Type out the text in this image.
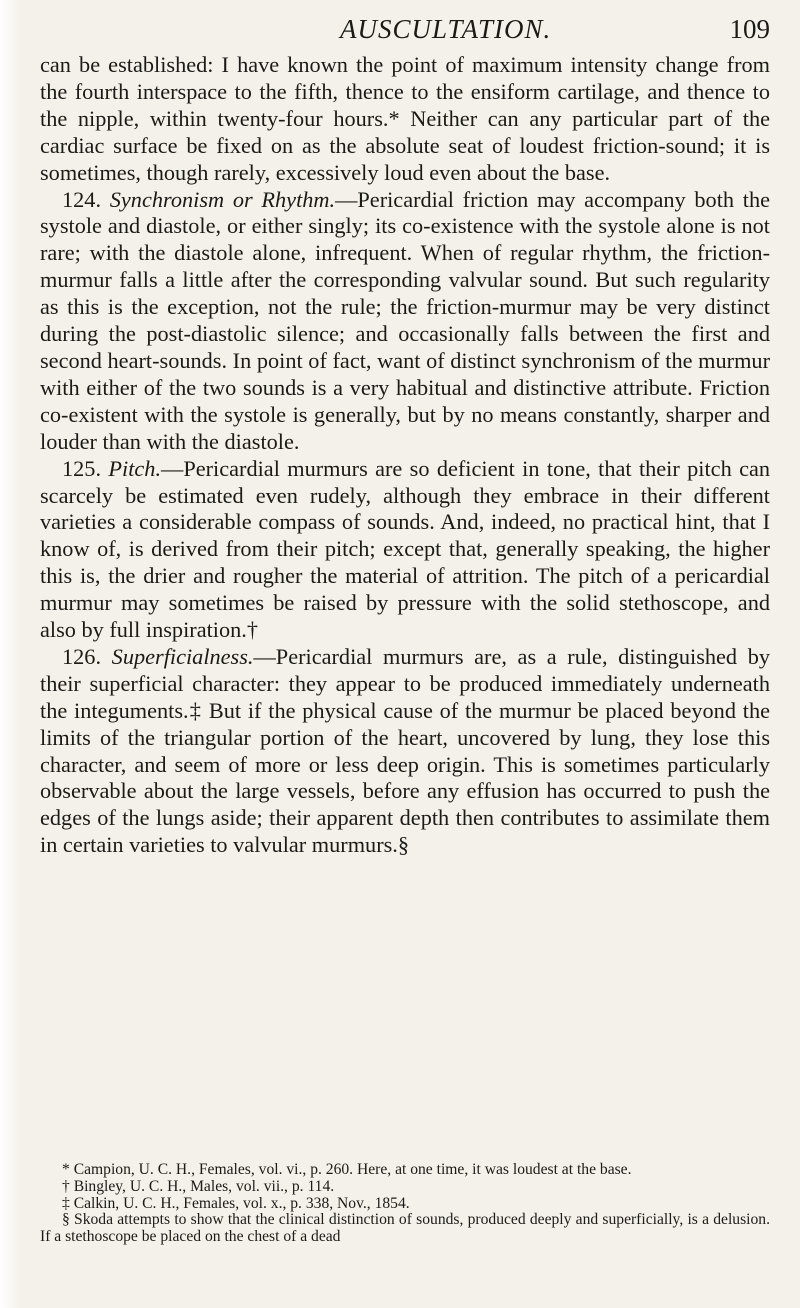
AUSCULTATION.	109

can be established: I have known the point of maximum intensity change from the fourth interspace to the fifth, thence to the ensiform cartilage, and thence to the nipple, within twenty-four hours.* Neither can any particular part of the cardiac surface be fixed on as the absolute seat of loudest friction-sound; it is sometimes, though rarely, excessively loud even about the base.

124. Synchronism or Rhythm.—Pericardial friction may accompany both the systole and diastole, or either singly; its co-existence with the systole alone is not rare; with the diastole alone, infrequent. When of regular rhythm, the friction-murmur falls a little after the corresponding valvular sound. But such regularity as this is the exception, not the rule; the friction-murmur may be very distinct during the post-diastolic silence; and occasionally falls between the first and second heart-sounds. In point of fact, want of distinct synchronism of the murmur with either of the two sounds is a very habitual and distinctive attribute. Friction co-existent with the systole is generally, but by no means constantly, sharper and louder than with the diastole.

125. Pitch.—Pericardial murmurs are so deficient in tone, that their pitch can scarcely be estimated even rudely, although they embrace in their different varieties a considerable compass of sounds. And, indeed, no practical hint, that I know of, is derived from their pitch; except that, generally speaking, the higher this is, the drier and rougher the material of attrition. The pitch of a pericardial murmur may sometimes be raised by pressure with the solid stethoscope, and also by full inspiration.†

126. Superficialness.—Pericardial murmurs are, as a rule, distinguished by their superficial character: they appear to be produced immediately underneath the integuments.‡ But if the physical cause of the murmur be placed beyond the limits of the triangular portion of the heart, uncovered by lung, they lose this character, and seem of more or less deep origin. This is sometimes particularly observable about the large vessels, before any effusion has occurred to push the edges of the lungs aside; their apparent depth then contributes to assimilate them in certain varieties to valvular murmurs.§

* Campion, U. C. H., Females, vol. vi., p. 260. Here, at one time, it was loudest at the base.

† Bingley, U. C. H., Males, vol. vii., p. 114.

‡ Calkin, U. C. H., Females, vol. x., p. 338, Nov., 1854.

§ Skoda attempts to show that the clinical distinction of sounds, produced deeply and superficially, is a delusion. If a stethoscope be placed on the chest of a dead
